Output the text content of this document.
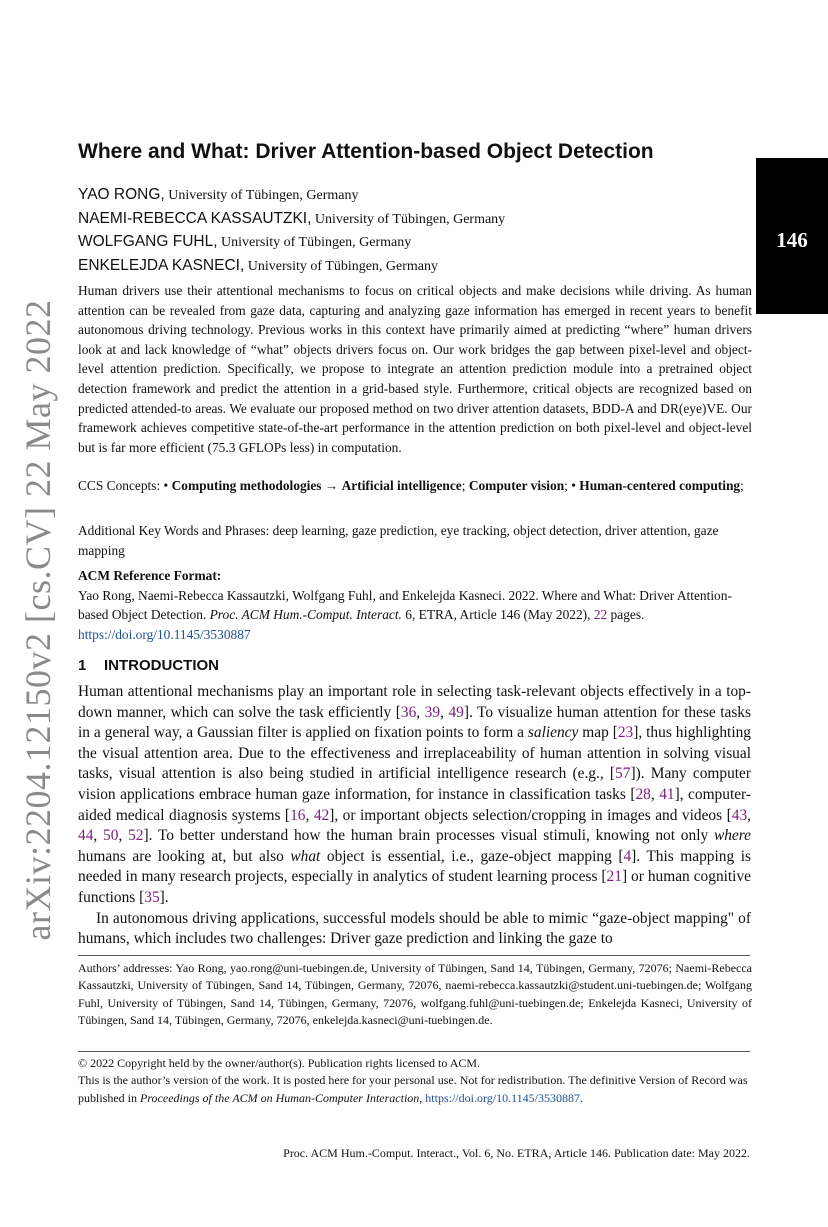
arXiv:2204.12150v2 [cs.CV] 22 May 2022
146
Where and What: Driver Attention-based Object Detection
YAO RONG, University of Tübingen, Germany
NAEMI-REBECCA KASSAUTZKI, University of Tübingen, Germany
WOLFGANG FUHL, University of Tübingen, Germany
ENKELEJDA KASNECI, University of Tübingen, Germany
Human drivers use their attentional mechanisms to focus on critical objects and make decisions while driving. As human attention can be revealed from gaze data, capturing and analyzing gaze information has emerged in recent years to benefit autonomous driving technology. Previous works in this context have primarily aimed at predicting “where” human drivers look at and lack knowledge of “what” objects drivers focus on. Our work bridges the gap between pixel-level and object-level attention prediction. Specifically, we propose to integrate an attention prediction module into a pretrained object detection framework and predict the attention in a grid-based style. Furthermore, critical objects are recognized based on predicted attended-to areas. We evaluate our proposed method on two driver attention datasets, BDD-A and DR(eye)VE. Our framework achieves competitive state-of-the-art performance in the attention prediction on both pixel-level and object-level but is far more efficient (75.3 GFLOPs less) in computation.
CCS Concepts: • Computing methodologies → Artificial intelligence; Computer vision; • Human-centered computing;
Additional Key Words and Phrases: deep learning, gaze prediction, eye tracking, object detection, driver attention, gaze mapping
ACM Reference Format:
Yao Rong, Naemi-Rebecca Kassautzki, Wolfgang Fuhl, and Enkelejda Kasneci. 2022. Where and What: Driver Attention-based Object Detection. Proc. ACM Hum.-Comput. Interact. 6, ETRA, Article 146 (May 2022), 22 pages.
https://doi.org/10.1145/3530887
1 INTRODUCTION

Human attentional mechanisms play an important role in selecting task-relevant objects effectively in a top-down manner, which can solve the task efficiently [36, 39, 49]. To visualize human attention for these tasks in a general way, a Gaussian filter is applied on fixation points to form a saliency map [23], thus highlighting the visual attention area. Due to the effectiveness and irreplaceability of human attention in solving visual tasks, visual attention is also being studied in artificial intelligence research (e.g., [57]). Many computer vision applications embrace human gaze information, for instance in classification tasks [28, 41], computer-aided medical diagnosis systems [16, 42], or important objects selection/cropping in images and videos [43, 44, 50, 52]. To better understand how the human brain processes visual stimuli, knowing not only where humans are looking at, but also what object is essential, i.e., gaze-object mapping [4]. This mapping is needed in many research projects, especially in analytics of student learning process [21] or human cognitive functions [35].

In autonomous driving applications, successful models should be able to mimic “gaze-object mapping" of humans, which includes two challenges: Driver gaze prediction and linking the gaze to

Authors’ addresses: Yao Rong, yao.rong@uni-tuebingen.de, University of Tübingen, Sand 14, Tübingen, Germany, 72076; Naemi-Rebecca Kassautzki, University of Tübingen, Sand 14, Tübingen, Germany, 72076, naemi-rebecca.kassautzki@student.uni-tuebingen.de; Wolfgang Fuhl, University of Tübingen, Sand 14, Tübingen, Germany, 72076, wolfgang.fuhl@uni-tuebingen.de; Enkelejda Kasneci, University of Tübingen, Sand 14, Tübingen, Germany, 72076, enkelejda.kasneci@uni-tuebingen.de.

© 2022 Copyright held by the owner/author(s). Publication rights licensed to ACM.

This is the author’s version of the work. It is posted here for your personal use. Not for redistribution. The definitive Version of Record was published in Proceedings of the ACM on Human-Computer Interaction, https://doi.org/10.1145/3530887.

Proc. ACM Hum.-Comput. Interact., Vol. 6, No. ETRA, Article 146. Publication date: May 2022.
